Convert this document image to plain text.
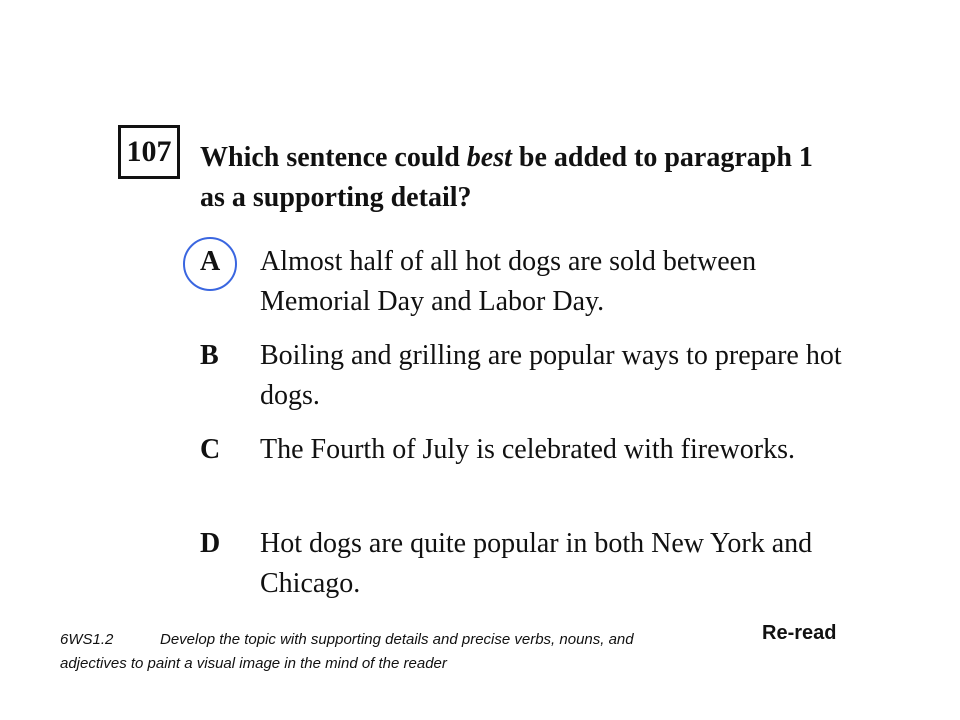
107 Which sentence could best be added to paragraph 1 as a supporting detail?

A	Almost half of all hot dogs are sold between Memorial Day and Labor Day.
B	Boiling and grilling are popular ways to prepare hot dogs.
C	The Fourth of July is celebrated with fireworks.
D	Hot dogs are quite popular in both New York and Chicago.
6WS1.2	Develop the topic with supporting details and precise verbs, nouns, and adjectives to paint a visual image in the mind of the reader
Re-read
